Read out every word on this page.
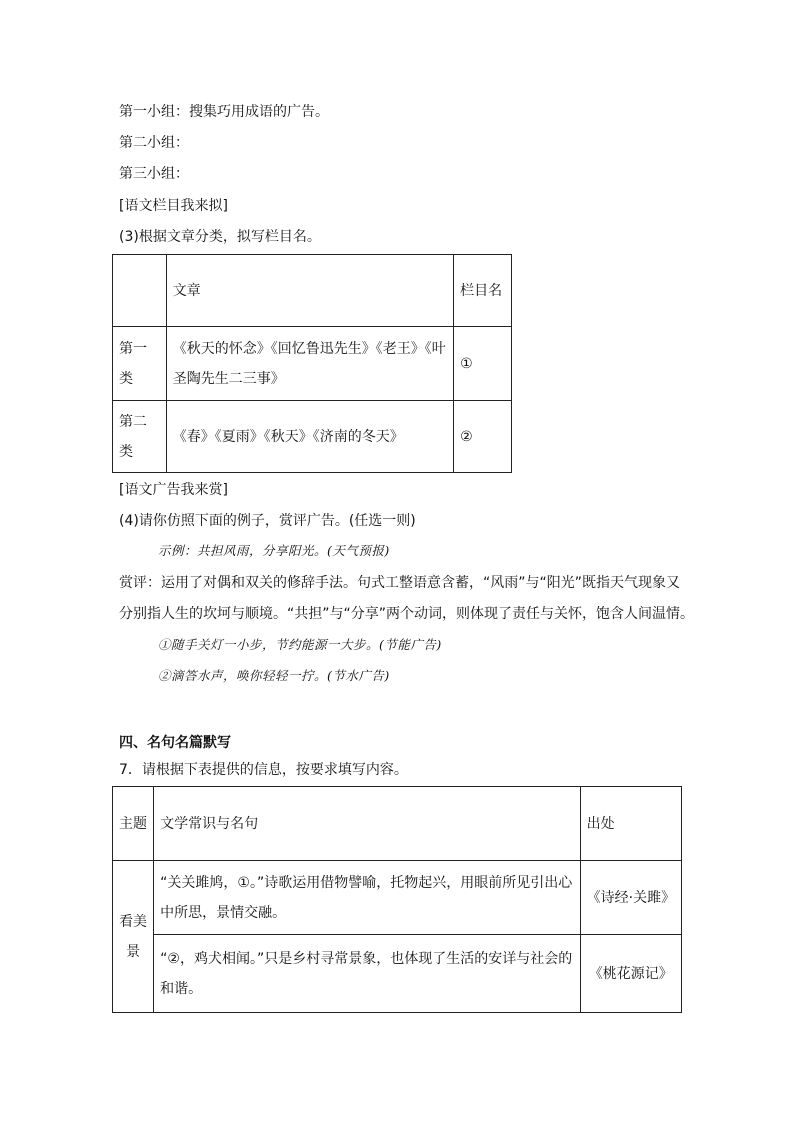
第一小组：搜集巧用成语的广告。
第二小组：
第三小组：
[语文栏目我来拟]
(3)根据文章分类，拟写栏目名。
	文章	栏目名
第一类	《秋天的怀念》《回忆鲁迅先生》《老王》《叶圣陶先生二三事》	①
第二类	《春》《夏雨》《秋天》《济南的冬天》	②
[语文广告我来赏]
(4)请你仿照下面的例子，赏评广告。(任选一则)
示例：共担风雨，分享阳光。(天气预报)
赏评：运用了对偶和双关的修辞手法。句式工整语意含蓄，“风雨”与“阳光”既指天气现象又
分别指人生的坎坷与顺境。“共担”与“分享”两个动词，则体现了责任与关怀，饱含人间温情。
①随手关灯一小步，节约能源一大步。(节能广告)
②滴答水声，唤你轻轻一拧。(节水广告)
四、名句名篇默写
7．请根据下表提供的信息，按要求填写内容。
主题	文学常识与名句	出处
看美景	“关关雎鸠，①。”诗歌运用借物譬喻，托物起兴，用眼前所见引出心中所思，景情交融。	《诗经·关雎》
	“②，鸡犬相闻。”只是乡村寻常景象，也体现了生活的安详与社会的和谐。	《桃花源记》
